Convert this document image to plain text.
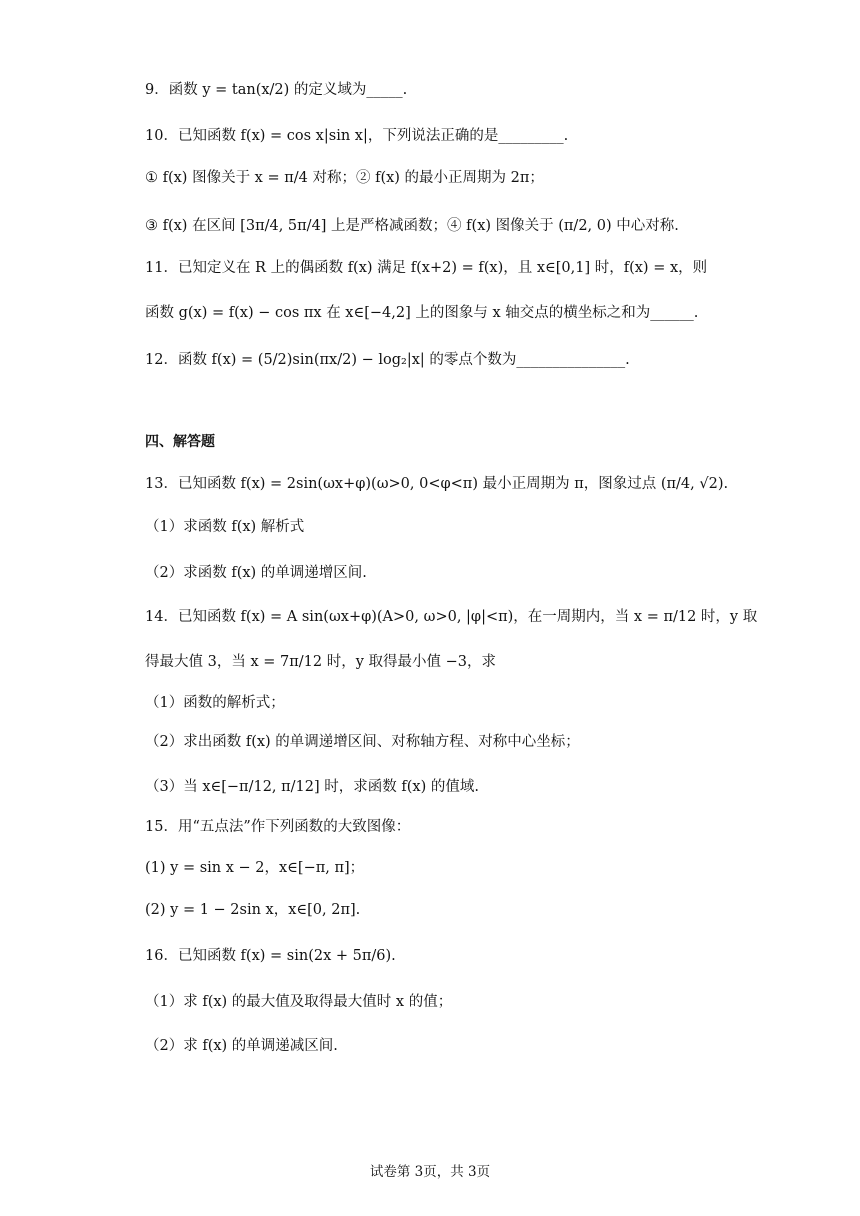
9．函数 y = tan(x/2) 的定义域为_____.
10．已知函数 f(x) = cos x|sin x|，下列说法正确的是_________.
① f(x) 图像关于 x = π/4 对称；② f(x) 的最小正周期为 2π；
③ f(x) 在区间 [3π/4, 5π/4] 上是严格减函数；④ f(x) 图像关于 (π/2, 0) 中心对称.
11．已知定义在 R 上的偶函数 f(x) 满足 f(x+2) = f(x)，且 x∈[0,1] 时，f(x) = x，则
函数 g(x) = f(x) − cos πx 在 x∈[−4,2] 上的图象与 x 轴交点的横坐标之和为______.
12．函数 f(x) = (5/2)sin(πx/2) − log₂|x| 的零点个数为_______________.
四、解答题
13．已知函数 f(x) = 2sin(ωx+φ)(ω>0, 0<φ<π) 最小正周期为 π，图象过点 (π/4, √2).
（1）求函数 f(x) 解析式
（2）求函数 f(x) 的单调递增区间.
14．已知函数 f(x) = A sin(ωx+φ)(A>0, ω>0, |φ|<π)，在一周期内，当 x = π/12 时，y 取
得最大值 3，当 x = 7π/12 时，y 取得最小值 −3，求
（1）函数的解析式；
（2）求出函数 f(x) 的单调递增区间、对称轴方程、对称中心坐标；
（3）当 x∈[−π/12, π/12] 时，求函数 f(x) 的值域.
15．用“五点法”作下列函数的大致图像：
(1) y = sin x − 2，x∈[−π, π]；
(2) y = 1 − 2sin x，x∈[0, 2π].
16．已知函数 f(x) = sin(2x + 5π/6).
（1）求 f(x) 的最大值及取得最大值时 x 的值；
（2）求 f(x) 的单调递减区间.
试卷第 3页，共 3页
